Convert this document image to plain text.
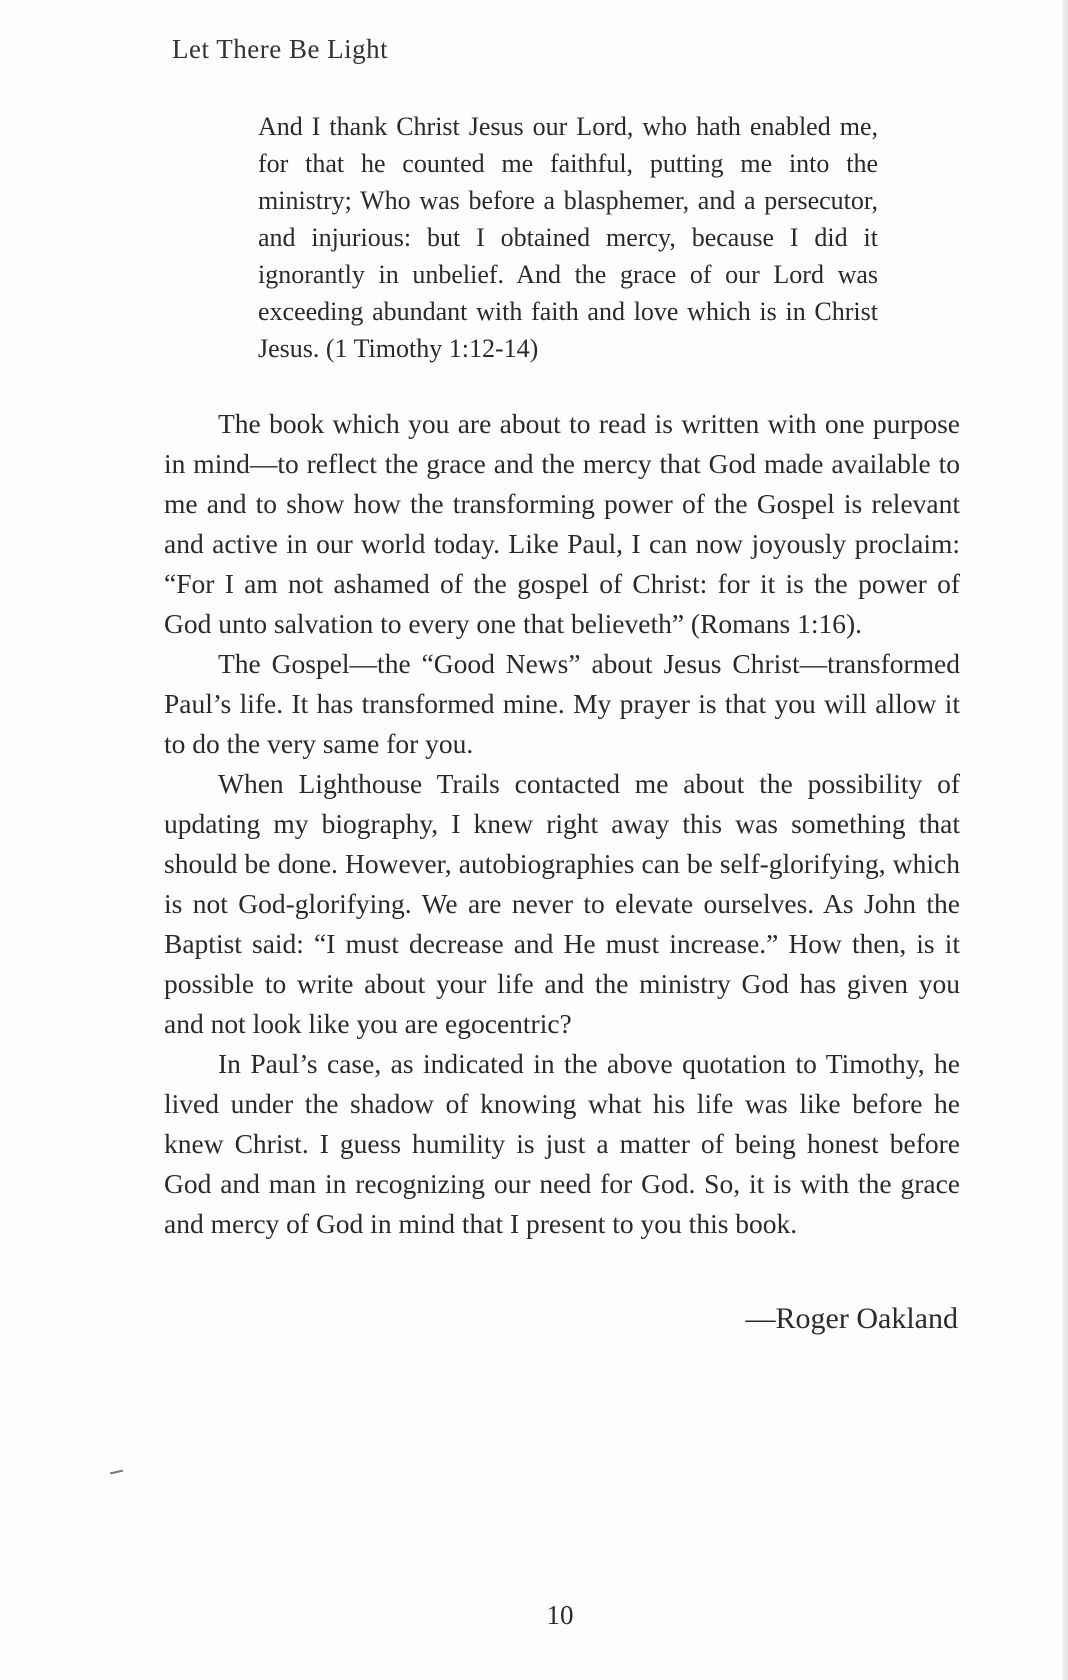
Let There Be Light
And I thank Christ Jesus our Lord, who hath enabled me, for that he counted me faithful, putting me into the ministry; Who was before a blasphemer, and a persecutor, and injurious: but I obtained mercy, because I did it ignorantly in unbelief. And the grace of our Lord was exceeding abundant with faith and love which is in Christ Jesus. (1 Timothy 1:12-14)

The book which you are about to read is written with one purpose in mind—to reflect the grace and the mercy that God made available to me and to show how the transforming power of the Gospel is relevant and active in our world today. Like Paul, I can now joyously proclaim: “For I am not ashamed of the gospel of Christ: for it is the power of God unto salvation to every one that believeth” (Romans 1:16).

The Gospel—the “Good News” about Jesus Christ—transformed Paul’s life. It has transformed mine. My prayer is that you will allow it to do the very same for you.

When Lighthouse Trails contacted me about the possibility of updating my biography, I knew right away this was something that should be done. However, autobiographies can be self-glorifying, which is not God-glorifying. We are never to elevate ourselves. As John the Baptist said: “I must decrease and He must increase.” How then, is it possible to write about your life and the ministry God has given you and not look like you are egocentric?

In Paul’s case, as indicated in the above quotation to Timothy, he lived under the shadow of knowing what his life was like before he knew Christ. I guess humility is just a matter of being honest before God and man in recognizing our need for God. So, it is with the grace and mercy of God in mind that I present to you this book.

—Roger Oakland
10
